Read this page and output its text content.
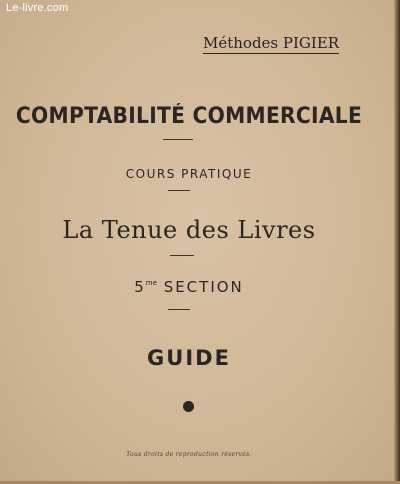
Le-livre.com
Méthodes PIGIER
COMPTABILITÉ COMMERCIALE
COURS PRATIQUE
La Tenue des Livres
$5^{me}$ SECTION
GUIDE
Tous droits de reproduction réservés.
